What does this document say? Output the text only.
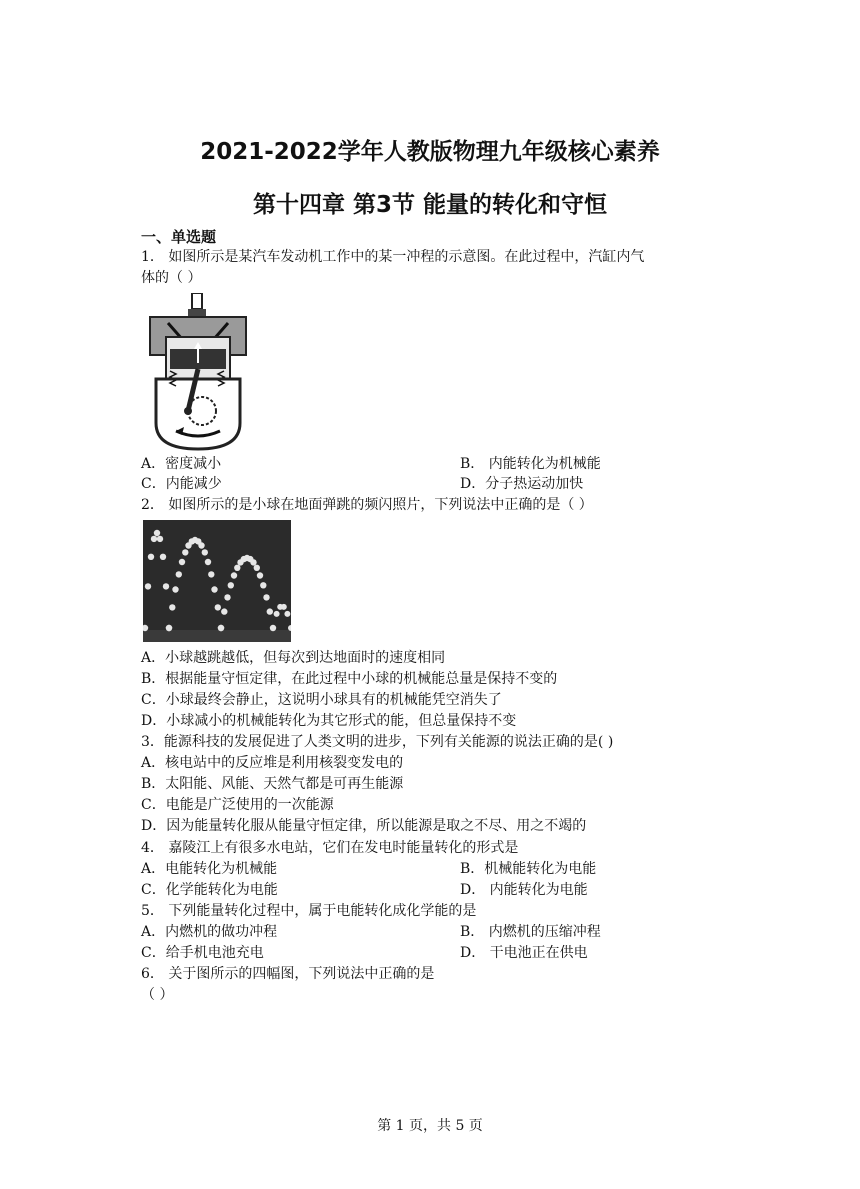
2021-2022学年人教版物理九年级核心素养
第十四章 第3节 能量的转化和守恒
一、单选题
1． 如图所示是某汽车发动机工作中的某一冲程的示意图。在此过程中，汽缸内气
体的（ ）
A．密度减小	B． 内能转化为机械能
C．内能减少	D．分子热运动加快
2． 如图所示的是小球在地面弹跳的频闪照片，下列说法中正确的是（ ）
A．小球越跳越低，但每次到达地面时的速度相同
B．根据能量守恒定律，在此过程中小球的机械能总量是保持不变的
C．小球最终会静止，这说明小球具有的机械能凭空消失了
D．小球减小的机械能转化为其它形式的能，但总量保持不变
3．能源科技的发展促进了人类文明的进步，下列有关能源的说法正确的是( )
A．核电站中的反应堆是利用核裂变发电的
B．太阳能、风能、天然气都是可再生能源
C．电能是广泛使用的一次能源
D．因为能量转化服从能量守恒定律，所以能源是取之不尽、用之不竭的
4． 嘉陵江上有很多水电站，它们在发电时能量转化的形式是
A．电能转化为机械能	B．机械能转化为电能
C．化学能转化为电能	D． 内能转化为电能
5． 下列能量转化过程中，属于电能转化成化学能的是
A．内燃机的做功冲程	B． 内燃机的压缩冲程
C．给手机电池充电	D． 干电池正在供电
6． 关于图所示的四幅图，下列说法中正确的是
（ ）
第 1 页，共 5 页
